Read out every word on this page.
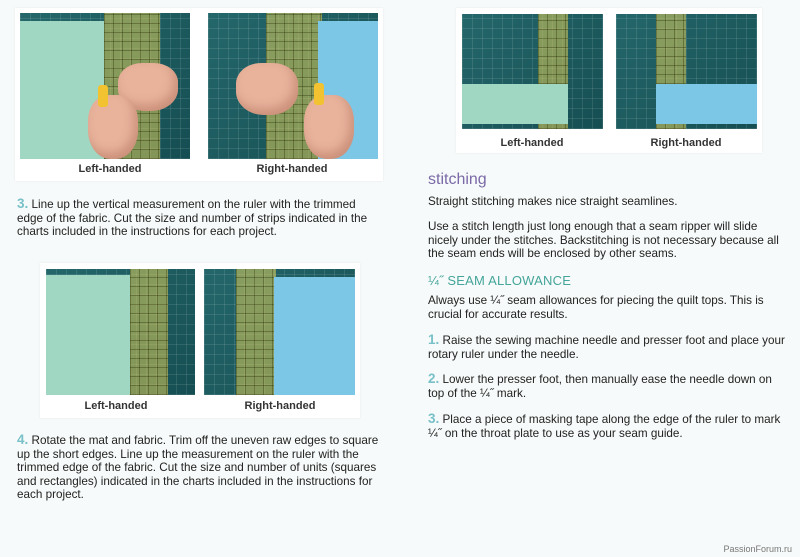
Left-handed	Right-handed
Left-handed	Right-handed
3. Line up the vertical measurement on the ruler with the trimmed edge of the fabric. Cut the size and number of strips indicated in the charts included in the instructions for each project.
Left-handed	Right-handed
4. Rotate the mat and fabric. Trim off the uneven raw edges to square up the short edges. Line up the measurement on the ruler with the trimmed edge of the fabric. Cut the size and number of units (squares and rectangles) indicated in the charts included in the instructions for each project.
stitching
Straight stitching makes nice straight seamlines.
Use a stitch length just long enough that a seam ripper will slide nicely under the stitches. Backstitching is not necessary because all the seam ends will be enclosed by other seams.
¼˝ SEAM ALLOWANCE
Always use ¼˝ seam allowances for piecing the quilt tops. This is crucial for accurate results.
1. Raise the sewing machine needle and presser foot and place your rotary ruler under the needle.
2. Lower the presser foot, then manually ease the needle down on top of the ¼˝ mark.
3. Place a piece of masking tape along the edge of the ruler to mark ¼˝ on the throat plate to use as your seam guide.
PassionForum.ru
